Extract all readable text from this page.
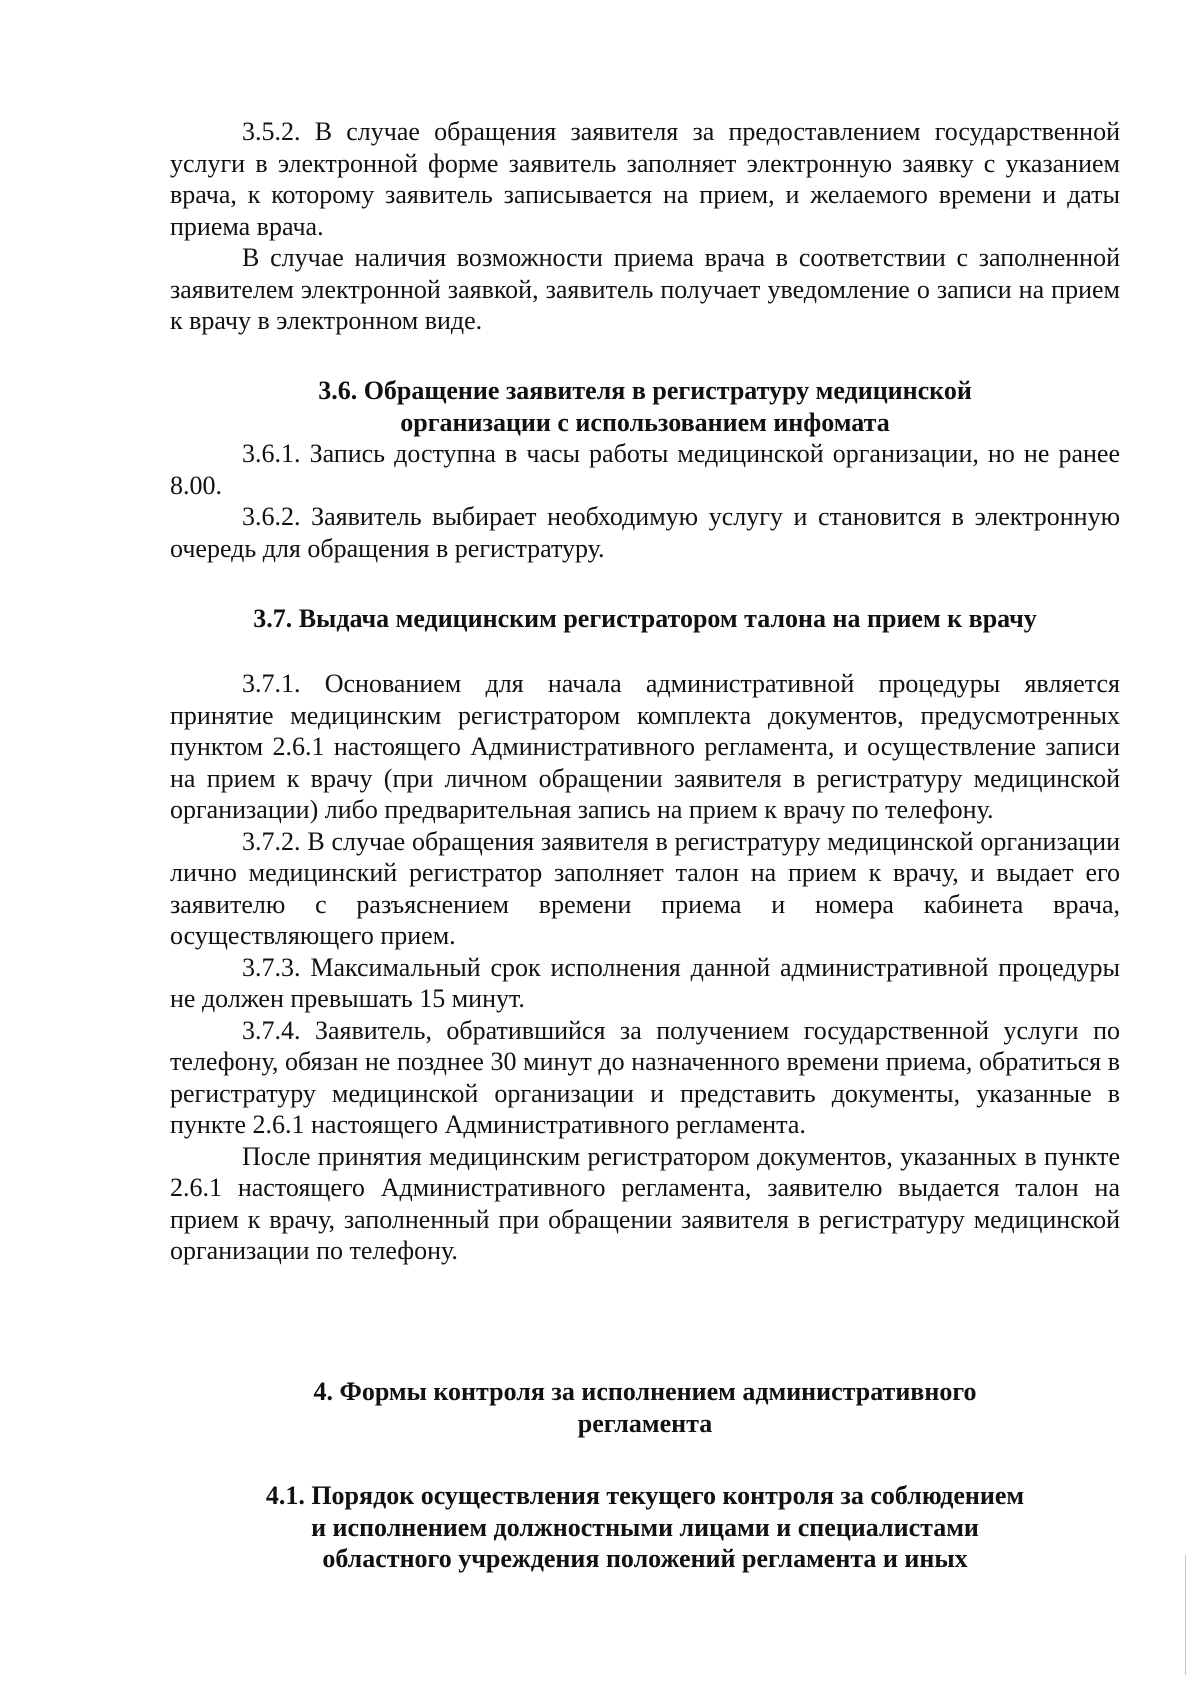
3.5.2. В случае обращения заявителя за предоставлением государственной услуги в электронной форме заявитель заполняет электронную заявку с указанием врача, к которому заявитель записывается на прием, и желаемого времени и даты приема врача.

В случае наличия возможности приема врача в соответствии с заполненной заявителем электронной заявкой, заявитель получает уведомление о записи на прием к врачу в электронном виде.

3.6. Обращение заявителя в регистратуру медицинской

организации с использованием инфомата

3.6.1. Запись доступна в часы работы медицинской организации, но не ранее 8.00.

3.6.2. Заявитель выбирает необходимую услугу и становится в электронную очередь для обращения в регистратуру.

3.7. Выдача медицинским регистратором талона на прием к врачу

3.7.1. Основанием для начала административной процедуры является принятие медицинским регистратором комплекта документов, предусмотренных пунктом 2.6.1 настоящего Административного регламента, и осуществление записи на прием к врачу (при личном обращении заявителя в регистратуру медицинской организации) либо предварительная запись на прием к врачу по телефону.

3.7.2. В случае обращения заявителя в регистратуру медицинской организации лично медицинский регистратор заполняет талон на прием к врачу, и выдает его заявителю с разъяснением времени приема и номера кабинета врача, осуществляющего прием.

3.7.3. Максимальный срок исполнения данной административной процедуры не должен превышать 15 минут.

3.7.4. Заявитель, обратившийся за получением государственной услуги по телефону, обязан не позднее 30 минут до назначенного времени приема, обратиться в регистратуру медицинской организации и представить документы, указанные в пункте 2.6.1 настоящего Административного регламента.

После принятия медицинским регистратором документов, указанных в пункте 2.6.1 настоящего Административного регламента, заявителю выдается талон на прием к врачу, заполненный при обращении заявителя в регистратуру медицинской организации по телефону.

4. Формы контроля за исполнением административного

регламента

4.1. Порядок осуществления текущего контроля за соблюдением

и исполнением должностными лицами и специалистами

областного учреждения положений регламента и иных
